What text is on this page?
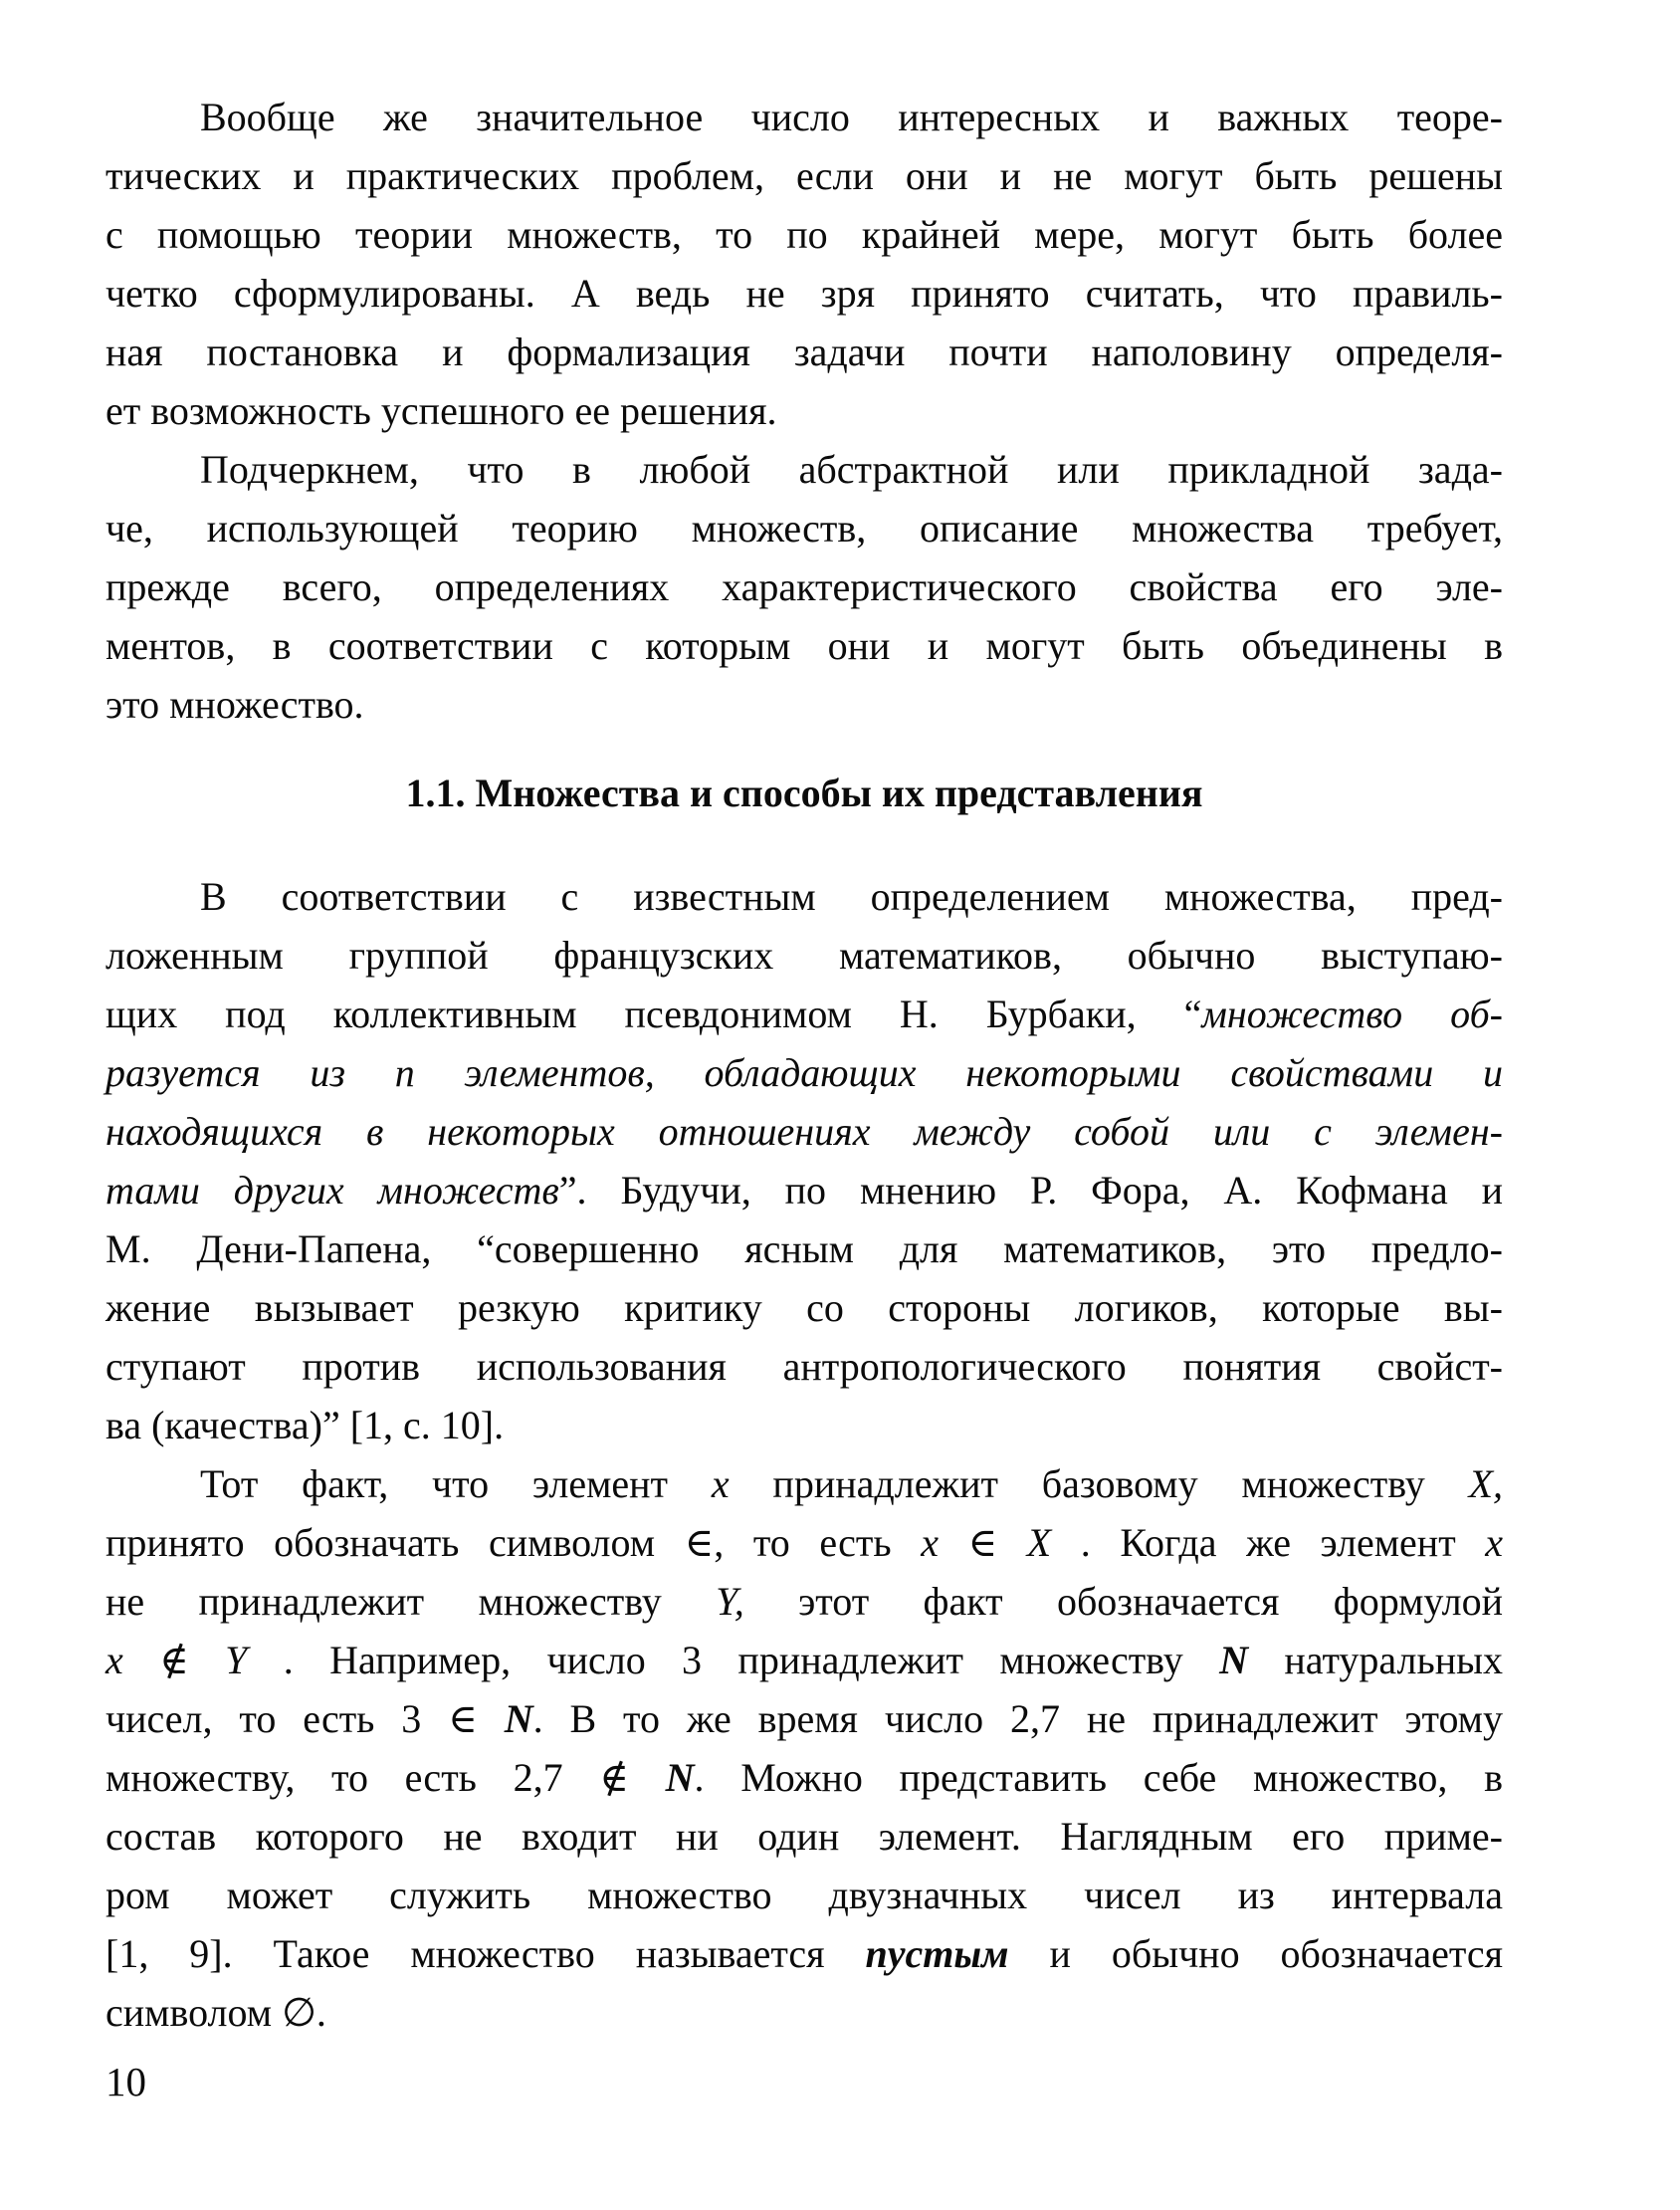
Вообще же значительное число интересных и важных теоре-
тических и практических проблем, если они и не могут быть решены
с помощью теории множеств, то по крайней мере, могут быть более
четко сформулированы. А ведь не зря принято считать, что правиль-
ная постановка и формализация задачи почти наполовину определя-
ет возможность успешного ее решения.
Подчеркнем, что в любой абстрактной или прикладной зада-
че, использующей теорию множеств, описание множества требует,
прежде всего, определениях характеристического свойства его эле-
ментов, в соответствии с которым они и могут быть объединены в
это множество.
1.1. Множества и способы их представления
В соответствии с известным определением множества, пред-
ложенным группой французских математиков, обычно выступаю-
щих под коллективным псевдонимом Н. Бурбаки, “множество об-
разуется из n элементов, обладающих некоторыми свойствами и
находящихся в некоторых отношениях между собой или с элемен-
тами других множеств”. Будучи, по мнению Р. Фора, А. Кофмана и
М. Дени-Папена, “совершенно ясным для математиков, это предло-
жение вызывает резкую критику со стороны логиков, которые вы-
ступают против использования антропологического понятия свойст-
ва (качества)” [1, с. 10].
Тот факт, что элемент x принадлежит базовому множеству X,
принято обозначать символом ∈, то есть x ∈ X . Когда же элемент x
не принадлежит множеству Y, этот факт обозначается формулой
x ∉ Y . Например, число 3 принадлежит множеству N натуральных
чисел, то есть 3 ∈ N. В то же время число 2,7 не принадлежит этому
множеству, то есть 2,7 ∉ N. Можно представить себе множество, в
состав которого не входит ни один элемент. Наглядным его приме-
ром может служить множество двузначных чисел из интервала
[1, 9]. Такое множество называется пустым и обычно обозначается
символом ∅.
10
